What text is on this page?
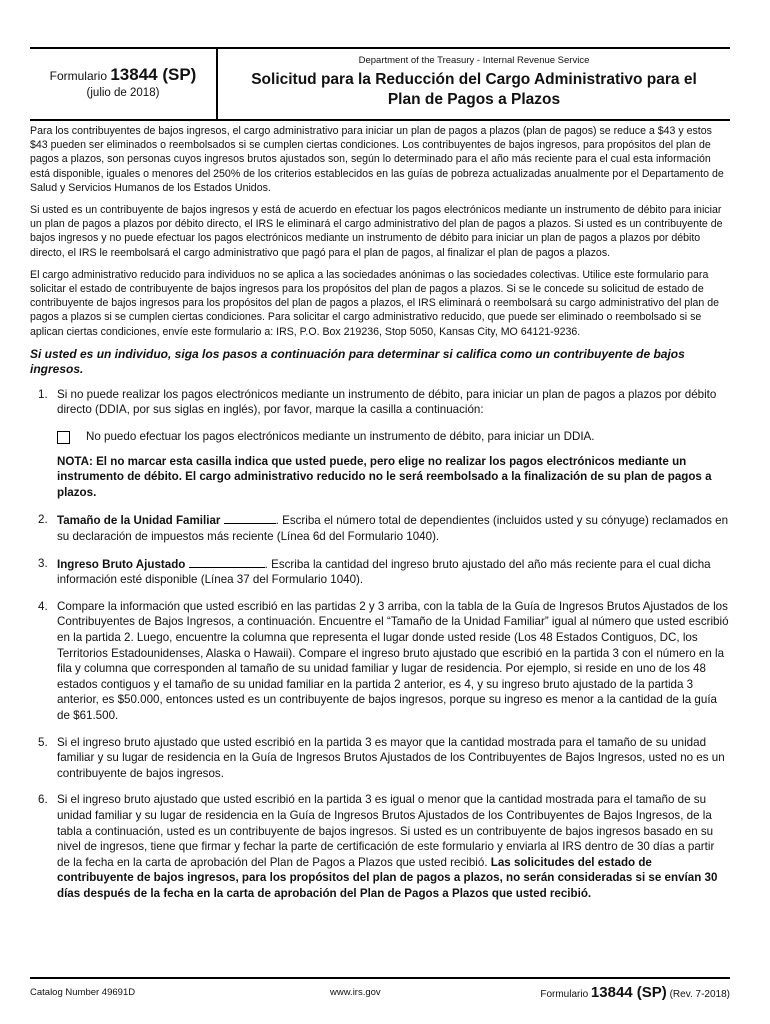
Formulario 13844 (SP)
(julio de 2018)
Department of the Treasury - Internal Revenue Service
Solicitud para la Reducción del Cargo Administrativo para el
Plan de Pagos a Plazos

Para los contribuyentes de bajos ingresos, el cargo administrativo para iniciar un plan de pagos a plazos (plan de pagos) se reduce a $43 y estos $43 pueden ser eliminados o reembolsados si se cumplen ciertas condiciones. Los contribuyentes de bajos ingresos, para propósitos del plan de pagos a plazos, son personas cuyos ingresos brutos ajustados son, según lo determinado para el año más reciente para el cual esta información está disponible, iguales o menores del 250% de los criterios establecidos en las guías de pobreza actualizadas anualmente por el Departamento de Salud y Servicios Humanos de los Estados Unidos.

Si usted es un contribuyente de bajos ingresos y está de acuerdo en efectuar los pagos electrónicos mediante un instrumento de débito para iniciar un plan de pagos a plazos por débito directo, el IRS le eliminará el cargo administrativo del plan de pagos a plazos. Si usted es un contribuyente de bajos ingresos y no puede efectuar los pagos electrónicos mediante un instrumento de débito para iniciar un plan de pagos a plazos por débito directo, el IRS le reembolsará el cargo administrativo que pagó para el plan de pagos, al finalizar el plan de pagos a plazos.

El cargo administrativo reducido para individuos no se aplica a las sociedades anónimas o las sociedades colectivas. Utilice este formulario para solicitar el estado de contribuyente de bajos ingresos para los propósitos del plan de pagos a plazos. Si se le concede su solicitud de estado de contribuyente de bajos ingresos para los propósitos del plan de pagos a plazos, el IRS eliminará o reembolsará su cargo administrativo del plan de pagos a plazos si se cumplen ciertas condiciones. Para solicitar el cargo administrativo reducido, que puede ser eliminado o reembolsado si se aplican ciertas condiciones, envíe este formulario a: IRS, P.O. Box 219236, Stop 5050, Kansas City, MO 64121-9236.

Si usted es un individuo, siga los pasos a continuación para determinar si califica como un contribuyente de bajos ingresos.

1. Si no puede realizar los pagos electrónicos mediante un instrumento de débito, para iniciar un plan de pagos a plazos por débito directo (DDIA, por sus siglas en inglés), por favor, marque la casilla a continuación:
No puedo efectuar los pagos electrónicos mediante un instrumento de débito, para iniciar un DDIA.

NOTA: El no marcar esta casilla indica que usted puede, pero elige no realizar los pagos electrónicos mediante un instrumento de débito. El cargo administrativo reducido no le será reembolsado a la finalización de su plan de pagos a plazos.

2. Tamaño de la Unidad Familiar	. Escriba el número total de dependientes (incluidos usted y su cónyuge) reclamados en su declaración de impuestos más reciente (Línea 6d del Formulario 1040).
3. Ingreso Bruto Ajustado	. Escriba la cantidad del ingreso bruto ajustado del año más reciente para el cual dicha información esté disponible (Línea 37 del Formulario 1040).
4. Compare la información que usted escribió en las partidas 2 y 3 arriba, con la tabla de la Guía de Ingresos Brutos Ajustados de los Contribuyentes de Bajos Ingresos, a continuación. Encuentre el “Tamaño de la Unidad Familiar” igual al número que usted escribió en la partida 2. Luego, encuentre la columna que representa el lugar donde usted reside (Los 48 Estados Contiguos, DC, los Territorios Estadounidenses, Alaska o Hawaii). Compare el ingreso bruto ajustado que escribió en la partida 3 con el número en la fila y columna que corresponden al tamaño de su unidad familiar y lugar de residencia. Por ejemplo, si reside en uno de los 48 estados contiguos y el tamaño de su unidad familiar en la partida 2 anterior, es 4, y su ingreso bruto ajustado de la partida 3 anterior, es $50.000, entonces usted es un contribuyente de bajos ingresos, porque su ingreso es menor a la cantidad de la guía de $61.500.
5. Si el ingreso bruto ajustado que usted escribió en la partida 3 es mayor que la cantidad mostrada para el tamaño de su unidad familiar y su lugar de residencia en la Guía de Ingresos Brutos Ajustados de los Contribuyentes de Bajos Ingresos, usted no es un contribuyente de bajos ingresos.
6. Si el ingreso bruto ajustado que usted escribió en la partida 3 es igual o menor que la cantidad mostrada para el tamaño de su unidad familiar y su lugar de residencia en la Guía de Ingresos Brutos Ajustados de los Contribuyentes de Bajos Ingresos, de la tabla a continuación, usted es un contribuyente de bajos ingresos. Si usted es un contribuyente de bajos ingresos basado en su nivel de ingresos, tiene que firmar y fechar la parte de certificación de este formulario y enviarla al IRS dentro de 30 días a partir de la fecha en la carta de aprobación del Plan de Pagos a Plazos que usted recibió. Las solicitudes del estado de contribuyente de bajos ingresos, para los propósitos del plan de pagos a plazos, no serán consideradas si se envían 30 días después de la fecha en la carta de aprobación del Plan de Pagos a Plazos que usted recibió.
Catalog Number 49691D	www.irs.gov	Formulario 13844 (SP) (Rev. 7-2018)
